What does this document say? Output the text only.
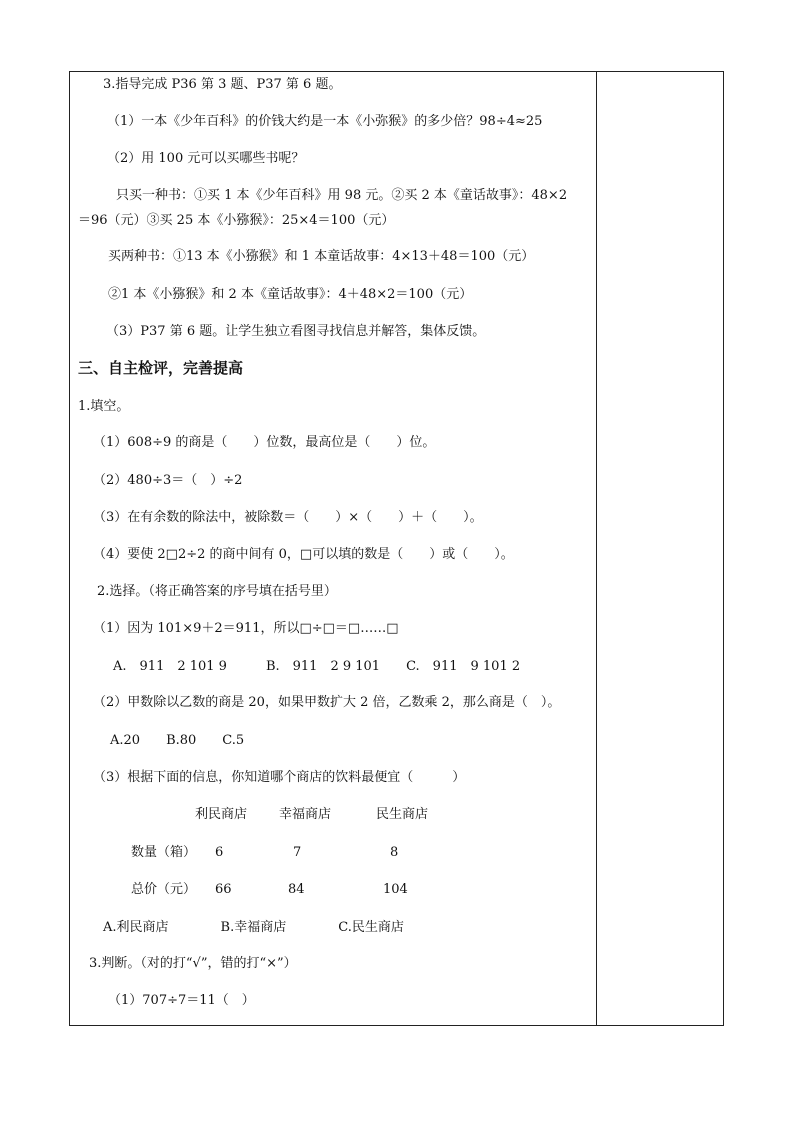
3.指导完成 P36 第 3 题、P37 第 6 题。
（1）一本《少年百科》的价钱大约是一本《小弥猴》的多少倍？98÷4≈25
（2）用 100 元可以买哪些书呢？
只买一种书：①买 1 本《少年百科》用 98 元。②买 2 本《童话故事》：48×2
＝96（元）③买 25 本《小猕猴》：25×4＝100（元）
买两种书：①13 本《小猕猴》和 1 本童话故事：4×13＋48＝100（元）
②1 本《小猕猴》和 2 本《童话故事》：4＋48×2＝100（元）
（3）P37 第 6 题。让学生独立看图寻找信息并解答，集体反馈。
三、自主检评，完善提高
1.填空。
（1）608÷9 的商是（　　）位数，最高位是（　　）位。
（2）480÷3＝（　）÷2
（3）在有余数的除法中，被除数＝（　　）×（　　）＋（　　）。
（4）要使 2□2÷2 的商中间有 0，□可以填的数是（　　）或（　　）。
2.选择。（将正确答案的序号填在括号里）
（1）因为 101×9＋2＝911，所以□÷□＝□……□
A.　911　2 101 9　　　B.　911　2 9 101　　C.　911　9 101 2
（2）甲数除以乙数的商是 20，如果甲数扩大 2 倍，乙数乘 2，那么商是（　）。
A.20　　B.80　　C.5
（3）根据下面的信息，你知道哪个商店的饮料最便宜（　　　）
利民商店 幸福商店	民生商店
数量（箱） 6	7	8
总价（元） 66	84	104
A.利民商店　　　　B.幸福商店　　　　C.民生商店
3.判断。（对的打“√”，错的打“×”）
（1）707÷7＝11（　）
